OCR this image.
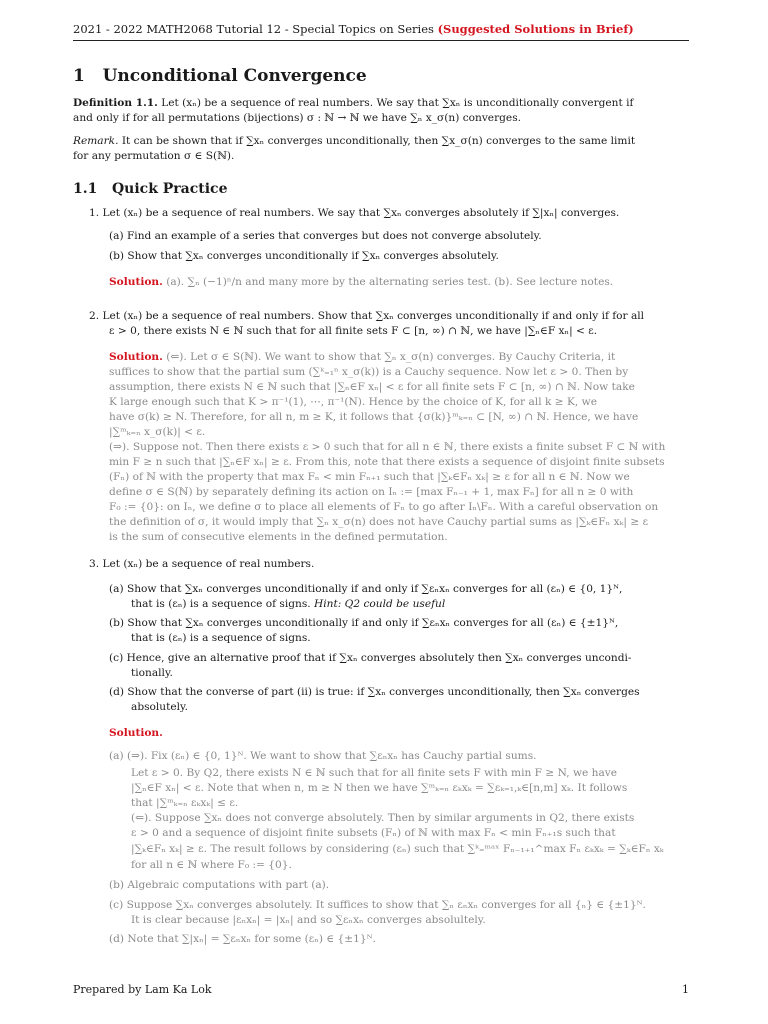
2021 - 2022 MATH2068 Tutorial 12 - Special Topics on Series (Suggested Solutions in Brief)
1 Unconditional Convergence
Definition 1.1. Let (xₙ) be a sequence of real numbers. We say that ∑xₙ is unconditionally convergent if
and only if for all permutations (bijections) σ : ℕ → ℕ we have ∑ₙ x_σ(n) converges.
Remark. It can be shown that if ∑xₙ converges unconditionally, then ∑x_σ(n) converges to the same limit
for any permutation σ ∈ S(ℕ).
1.1 Quick Practice
1. Let (xₙ) be a sequence of real numbers. We say that ∑xₙ converges absolutely if ∑|xₙ| converges.
(a) Find an example of a series that converges but does not converge absolutely.
(b) Show that ∑xₙ converges unconditionally if ∑xₙ converges absolutely.
Solution. (a). ∑ₙ (−1)ⁿ/n and many more by the alternating series test. (b). See lecture notes.
2. Let (xₙ) be a sequence of real numbers. Show that ∑xₙ converges unconditionally if and only if for all
ε > 0, there exists N ∈ ℕ such that for all finite sets F ⊂ [n, ∞) ∩ ℕ, we have |∑ₙ∈F xₙ| < ε.
Solution. (⇐). Let σ ∈ S(ℕ). We want to show that ∑ₙ x_σ(n) converges. By Cauchy Criteria, it
suffices to show that the partial sum (∑ᵏ₌₁ⁿ x_σ(k)) is a Cauchy sequence. Now let ε > 0. Then by
assumption, there exists N ∈ ℕ such that |∑ₙ∈F xₙ| < ε for all finite sets F ⊂ [n, ∞) ∩ ℕ. Now take
K large enough such that K > π⁻¹(1), ⋯, π⁻¹(N). Hence by the choice of K, for all k ≥ K, we
have σ(k) ≥ N. Therefore, for all n, m ≥ K, it follows that {σ(k)}ᵐₖ₌ₙ ⊂ [N, ∞) ∩ ℕ. Hence, we have
|∑ᵐₖ₌ₙ x_σ(k)| < ε.
(⇒). Suppose not. Then there exists ε > 0 such that for all n ∈ ℕ, there exists a finite subset F ⊂ ℕ with
min F ≥ n such that |∑ₙ∈F xₙ| ≥ ε. From this, note that there exists a sequence of disjoint finite subsets
(Fₙ) of ℕ with the property that max Fₙ < min Fₙ₊₁ such that |∑ₖ∈Fₙ xₖ| ≥ ε for all n ∈ ℕ. Now we
define σ ∈ S(ℕ) by separately defining its action on Iₙ := [max Fₙ₋₁ + 1, max Fₙ] for all n ≥ 0 with
F₀ := {0}: on Iₙ, we define σ to place all elements of Fₙ to go after Iₙ\Fₙ. With a careful observation on
the definition of σ, it would imply that ∑ₙ x_σ(n) does not have Cauchy partial sums as |∑ₖ∈Fₙ xₖ| ≥ ε
is the sum of consecutive elements in the defined permutation.
3. Let (xₙ) be a sequence of real numbers.
(a) Show that ∑xₙ converges unconditionally if and only if ∑εₙxₙ converges for all (εₙ) ∈ {0, 1}ᴺ,
that is (εₙ) is a sequence of signs. Hint: Q2 could be useful
(b) Show that ∑xₙ converges unconditionally if and only if ∑εₙxₙ converges for all (εₙ) ∈ {±1}ᴺ,
that is (εₙ) is a sequence of signs.
(c) Hence, give an alternative proof that if ∑xₙ converges absolutely then ∑xₙ converges uncondi-
tionally.
(d) Show that the converse of part (ii) is true: if ∑xₙ converges unconditionally, then ∑xₙ converges
absolutely.
Solution.
(a) (⇒). Fix (εₙ) ∈ {0, 1}ᴺ. We want to show that ∑εₙxₙ has Cauchy partial sums.
Let ε > 0. By Q2, there exists N ∈ ℕ such that for all finite sets F with min F ≥ N, we have
|∑ₙ∈F xₙ| < ε. Note that when n, m ≥ N then we have ∑ᵐₖ₌ₙ εₖxₖ = ∑εₖ₌₁,ₖ∈[n,m] xₖ. It follows
that |∑ᵐₖ₌ₙ εₖxₖ| ≤ ε.
(⇐). Suppose ∑xₙ does not converge absolutely. Then by similar arguments in Q2, there exists
ε > 0 and a sequence of disjoint finite subsets (Fₙ) of ℕ with max Fₙ < min Fₙ₊₁s such that
|∑ₖ∈Fₙ xₖ| ≥ ε. The result follows by considering (εₙ) such that ∑ᵏ₌ᵐᵃˣ Fₙ₋₁₊₁^max Fₙ εₖxₖ = ∑ₖ∈Fₙ xₖ
for all n ∈ ℕ where F₀ := {0}.
(b) Algebraic computations with part (a).
(c) Suppose ∑xₙ converges absolutely. It suffices to show that ∑ₙ εₙxₙ converges for all {ₙ} ∈ {±1}ᴺ.
It is clear because |εₙxₙ| = |xₙ| and so ∑εₙxₙ converges absolultely.
(d) Note that ∑|xₙ| = ∑εₙxₙ for some (εₙ) ∈ {±1}ᴺ.
Prepared by Lam Ka Lok	1
